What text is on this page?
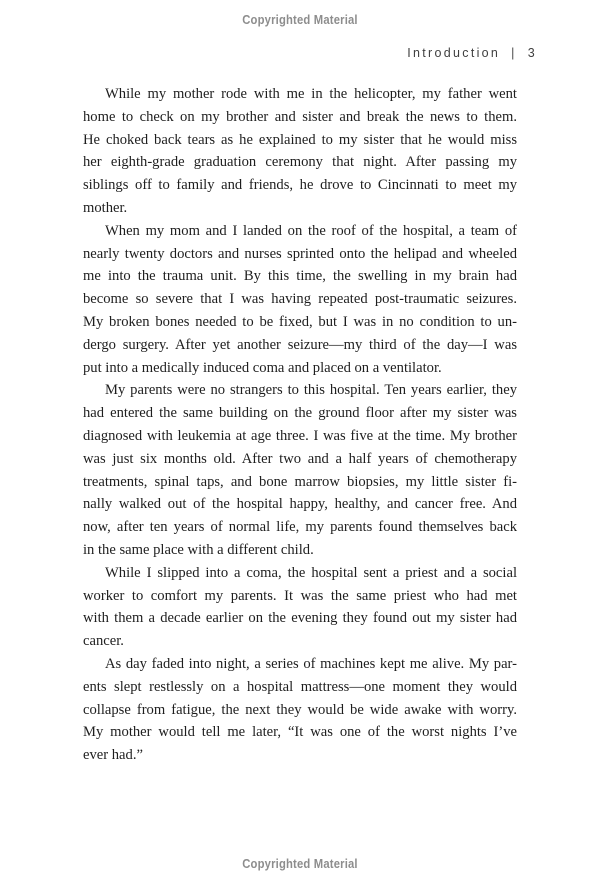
Copyrighted Material
Introduction | 3
While my mother rode with me in the helicopter, my father went
home to check on my brother and sister and break the news to them.
He choked back tears as he explained to my sister that he would miss
her eighth-grade graduation ceremony that night. After passing my
siblings off to family and friends, he drove to Cincinnati to meet my
mother.
When my mom and I landed on the roof of the hospital, a team of
nearly twenty doctors and nurses sprinted onto the helipad and wheeled
me into the trauma unit. By this time, the swelling in my brain had
become so severe that I was having repeated post-traumatic seizures.
My broken bones needed to be fixed, but I was in no condition to un-
dergo surgery. After yet another seizure—my third of the day—I was
put into a medically induced coma and placed on a ventilator.
My parents were no strangers to this hospital. Ten years earlier, they
had entered the same building on the ground floor after my sister was
diagnosed with leukemia at age three. I was five at the time. My brother
was just six months old. After two and a half years of chemotherapy
treatments, spinal taps, and bone marrow biopsies, my little sister fi-
nally walked out of the hospital happy, healthy, and cancer free. And
now, after ten years of normal life, my parents found themselves back
in the same place with a different child.
While I slipped into a coma, the hospital sent a priest and a social
worker to comfort my parents. It was the same priest who had met
with them a decade earlier on the evening they found out my sister had
cancer.
As day faded into night, a series of machines kept me alive. My par-
ents slept restlessly on a hospital mattress—one moment they would
collapse from fatigue, the next they would be wide awake with worry.
My mother would tell me later, “It was one of the worst nights I’ve
ever had.”
Copyrighted Material
